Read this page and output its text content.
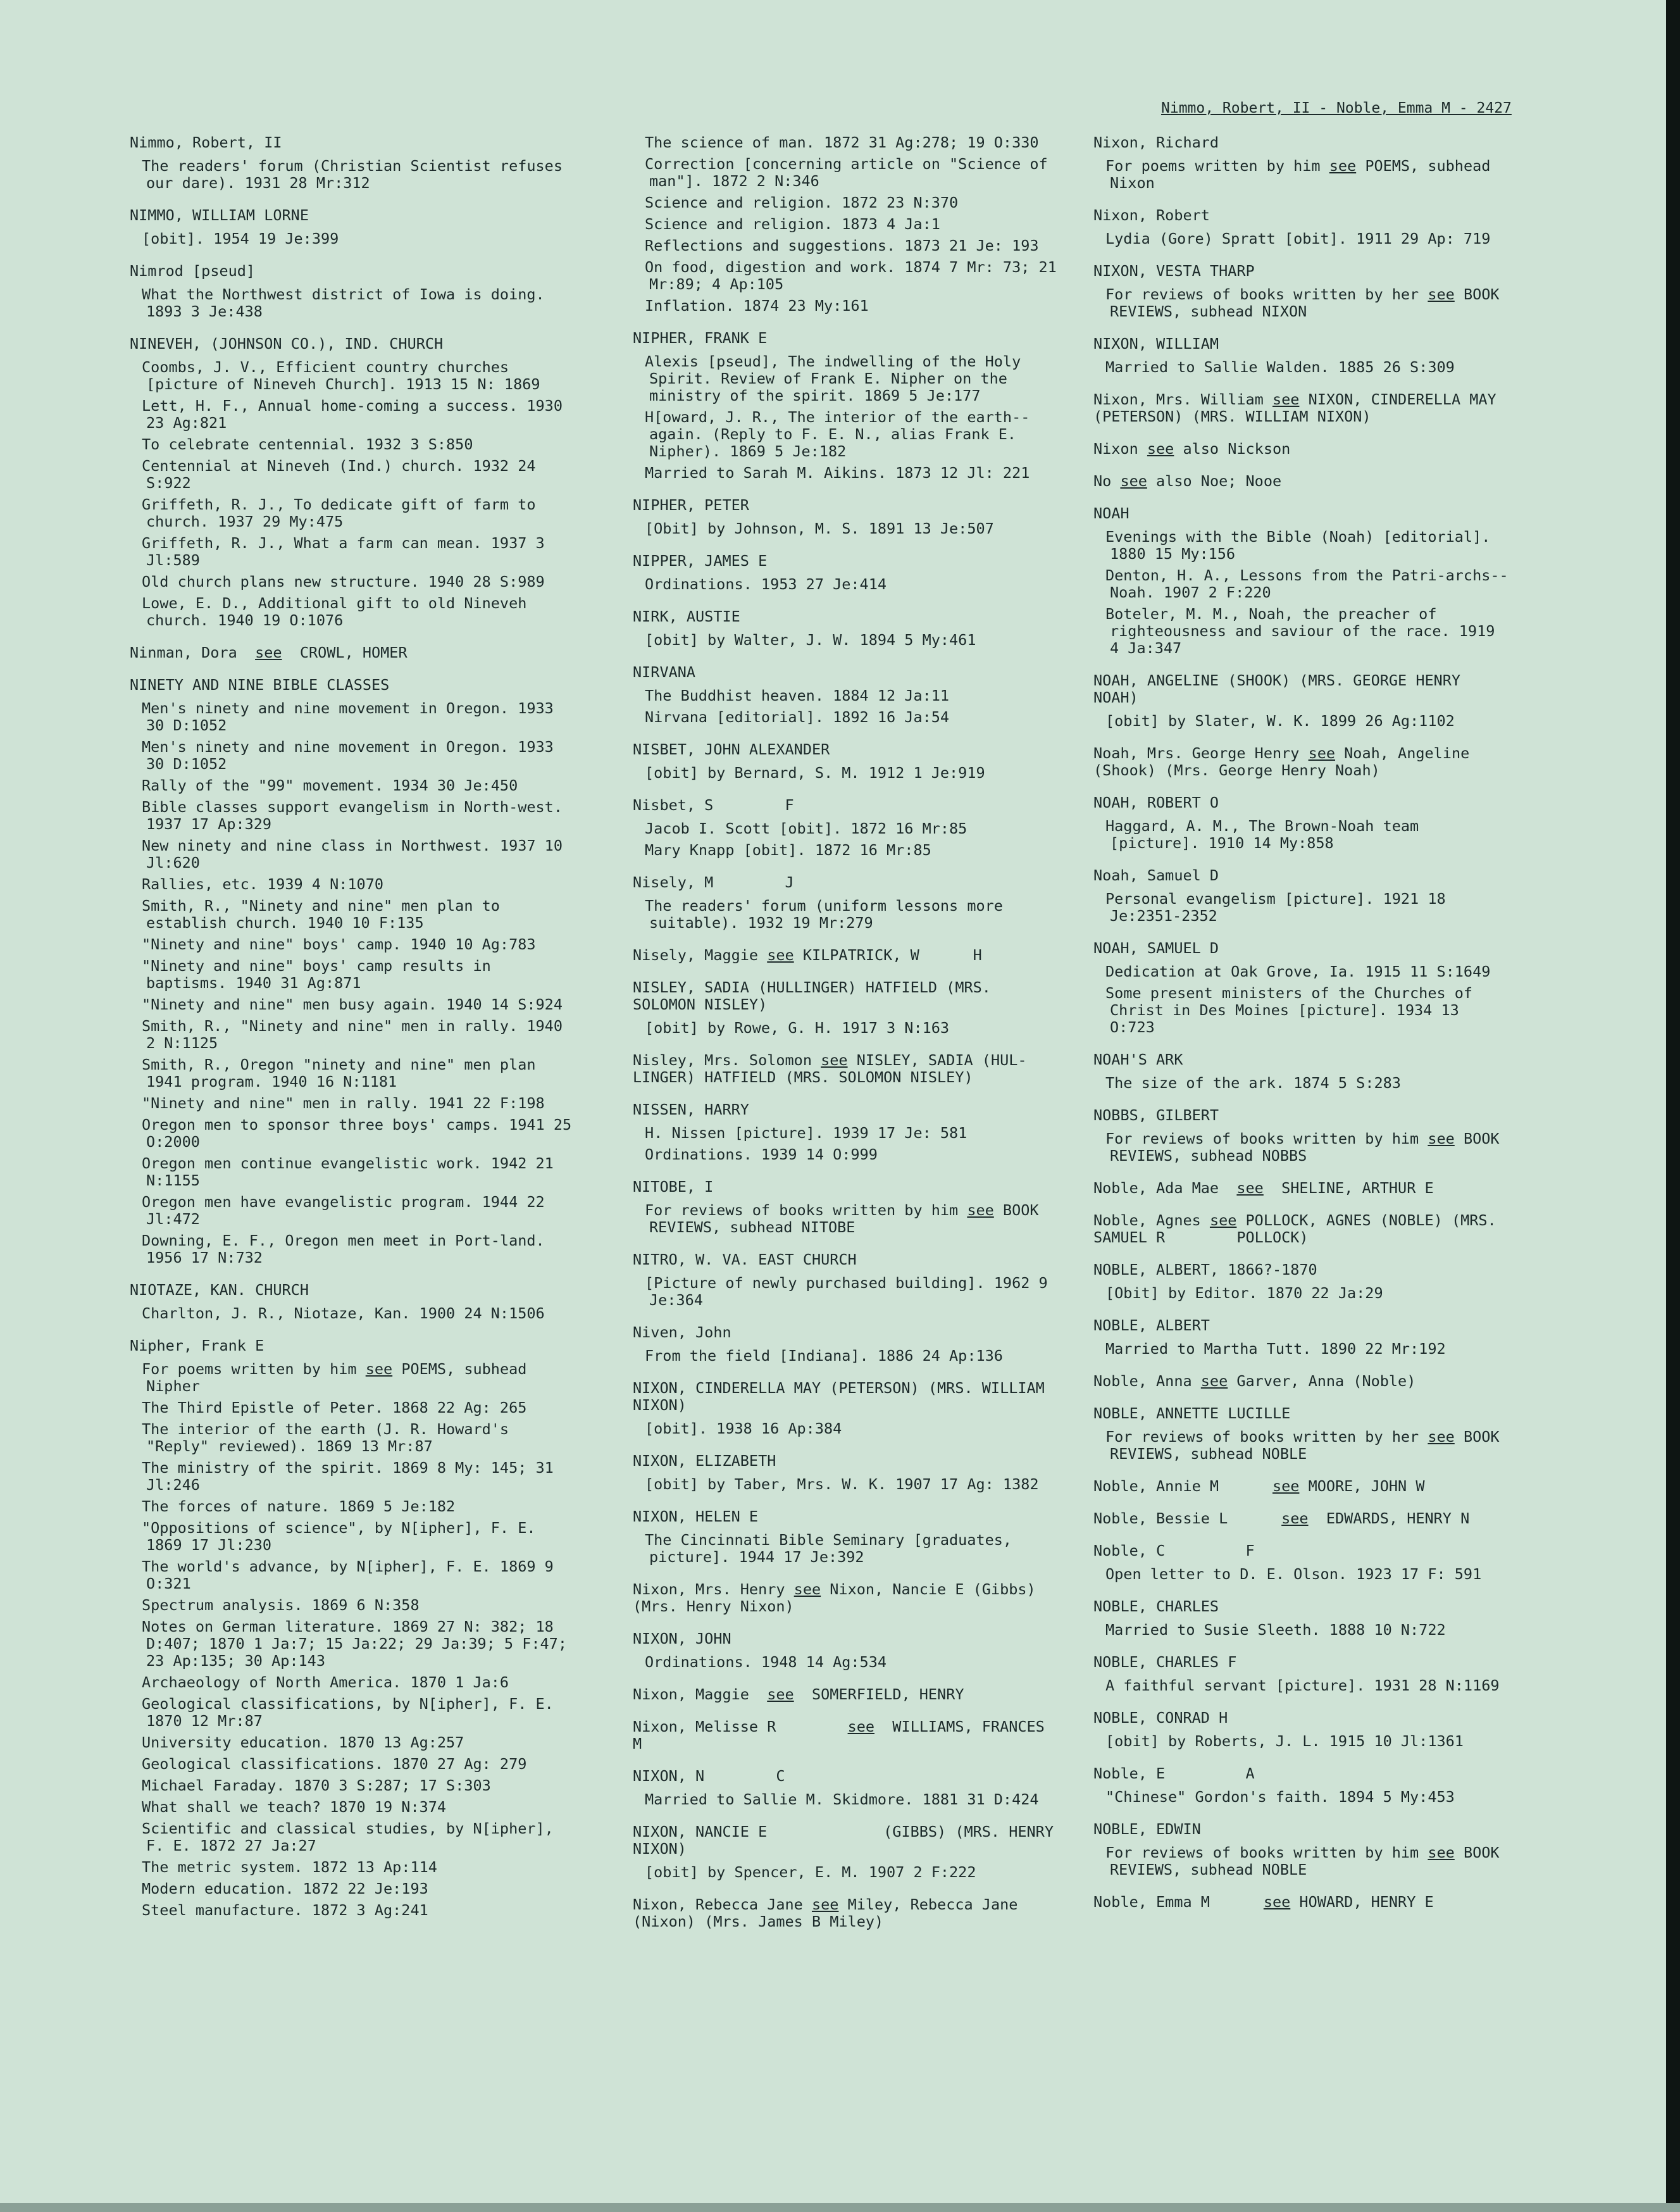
Nimmo, Robert, II - Noble, Emma M - 2427
Nimmo, Robert, II
The readers' forum (Christian Scientist refuses our dare). 1931 28 Mr:312
NIMMO, WILLIAM LORNE
[obit]. 1954 19 Je:399
Nimrod [pseud]
What the Northwest district of Iowa is doing. 1893 3 Je:438
NINEVEH, (JOHNSON CO.), IND. CHURCH
Coombs, J. V., Efficient country churches [picture of Nineveh Church]. 1913 15 N: 1869
Lett, H. F., Annual home-coming a success. 1930 23 Ag:821
To celebrate centennial. 1932 3 S:850
Centennial at Nineveh (Ind.) church. 1932 24 S:922
Griffeth, R. J., To dedicate gift of farm to church. 1937 29 My:475
Griffeth, R. J., What a farm can mean. 1937 3 Jl:589
Old church plans new structure. 1940 28 S:989
Lowe, E. D., Additional gift to old Nineveh church. 1940 19 O:1076
Ninman, Dora  see  CROWL, HOMER
NINETY AND NINE BIBLE CLASSES
Men's ninety and nine movement in Oregon. 1933 30 D:1052
Men's ninety and nine movement in Oregon. 1933 30 D:1052
Rally of the "99" movement. 1934 30 Je:450
Bible classes support evangelism in North-west. 1937 17 Ap:329
New ninety and nine class in Northwest. 1937 10 Jl:620
Rallies, etc. 1939 4 N:1070
Smith, R., "Ninety and nine" men plan to establish church. 1940 10 F:135
"Ninety and nine" boys' camp. 1940 10 Ag:783
"Ninety and nine" boys' camp results in baptisms. 1940 31 Ag:871
"Ninety and nine" men busy again. 1940 14 S:924
Smith, R., "Ninety and nine" men in rally. 1940 2 N:1125
Smith, R., Oregon "ninety and nine" men plan 1941 program. 1940 16 N:1181
"Ninety and nine" men in rally. 1941 22 F:198
Oregon men to sponsor three boys' camps. 1941 25 O:2000
Oregon men continue evangelistic work. 1942 21 N:1155
Oregon men have evangelistic program. 1944 22 Jl:472
Downing, E. F., Oregon men meet in Port-land. 1956 17 N:732
NIOTAZE, KAN. CHURCH
Charlton, J. R., Niotaze, Kan. 1900 24 N:1506
Nipher, Frank E
For poems written by him see POEMS, subhead Nipher
The Third Epistle of Peter. 1868 22 Ag: 265
The interior of the earth (J. R. Howard's "Reply" reviewed). 1869 13 Mr:87
The ministry of the spirit. 1869 8 My: 145; 31 Jl:246
The forces of nature. 1869 5 Je:182
"Oppositions of science", by N[ipher], F. E. 1869 17 Jl:230
The world's advance, by N[ipher], F. E. 1869 9 O:321
Spectrum analysis. 1869 6 N:358
Notes on German literature. 1869 27 N: 382; 18 D:407; 1870 1 Ja:7; 15 Ja:22; 29 Ja:39; 5 F:47; 23 Ap:135; 30 Ap:143
Archaeology of North America. 1870 1 Ja:6
Geological classifications, by N[ipher], F. E. 1870 12 Mr:87
University education. 1870 13 Ag:257
Geological classifications. 1870 27 Ag: 279
Michael Faraday. 1870 3 S:287; 17 S:303
What shall we teach? 1870 19 N:374
Scientific and classical studies, by N[ipher], F. E. 1872 27 Ja:27
The metric system. 1872 13 Ap:114
Modern education. 1872 22 Je:193
Steel manufacture. 1872 3 Ag:241
The science of man. 1872 31 Ag:278; 19 O:330
Correction [concerning article on "Science of man"]. 1872 2 N:346
Science and religion. 1872 23 N:370
Science and religion. 1873 4 Ja:1
Reflections and suggestions. 1873 21 Je: 193
On food, digestion and work. 1874 7 Mr: 73; 21 Mr:89; 4 Ap:105
Inflation. 1874 23 My:161
NIPHER, FRANK E
Alexis [pseud], The indwelling of the Holy Spirit. Review of Frank E. Nipher on the ministry of the spirit. 1869 5 Je:177
H[oward, J. R., The interior of the earth--again. (Reply to F. E. N., alias Frank E. Nipher). 1869 5 Je:182
Married to Sarah M. Aikins. 1873 12 Jl: 221
NIPHER, PETER
[Obit] by Johnson, M. S. 1891 13 Je:507
NIPPER, JAMES E
Ordinations. 1953 27 Je:414
NIRK, AUSTIE
[obit] by Walter, J. W. 1894 5 My:461
NIRVANA
The Buddhist heaven. 1884 12 Ja:11
Nirvana [editorial]. 1892 16 Ja:54
NISBET, JOHN ALEXANDER
[obit] by Bernard, S. M. 1912 1 Je:919
Nisbet, S        F
Jacob I. Scott [obit]. 1872 16 Mr:85
Mary Knapp [obit]. 1872 16 Mr:85
Nisely, M        J
The readers' forum (uniform lessons more suitable). 1932 19 Mr:279
Nisely, Maggie see KILPATRICK, W      H
NISLEY, SADIA (HULLINGER) HATFIELD (MRS. SOLOMON NISLEY)
[obit] by Rowe, G. H. 1917 3 N:163
Nisley, Mrs. Solomon see NISLEY, SADIA (HUL-LINGER) HATFIELD (MRS. SOLOMON NISLEY)
NISSEN, HARRY
H. Nissen [picture]. 1939 17 Je: 581
Ordinations. 1939 14 O:999
NITOBE, I
For reviews of books written by him see BOOK REVIEWS, subhead NITOBE
NITRO, W. VA. EAST CHURCH
[Picture of newly purchased building]. 1962 9 Je:364
Niven, John
From the field [Indiana]. 1886 24 Ap:136
NIXON, CINDERELLA MAY (PETERSON) (MRS. WILLIAM NIXON)
[obit]. 1938 16 Ap:384
NIXON, ELIZABETH
[obit] by Taber, Mrs. W. K. 1907 17 Ag: 1382
NIXON, HELEN E
The Cincinnati Bible Seminary [graduates, picture]. 1944 17 Je:392
Nixon, Mrs. Henry see Nixon, Nancie E (Gibbs) (Mrs. Henry Nixon)
NIXON, JOHN
Ordinations. 1948 14 Ag:534
Nixon, Maggie  see  SOMERFIELD, HENRY
Nixon, Melisse R        see  WILLIAMS, FRANCES M
NIXON, N        C
Married to Sallie M. Skidmore. 1881 31 D:424
NIXON, NANCIE E             (GIBBS) (MRS. HENRY NIXON)
[obit] by Spencer, E. M. 1907 2 F:222
Nixon, Rebecca Jane see Miley, Rebecca Jane (Nixon) (Mrs. James B Miley)
Nixon, Richard
For poems written by him see POEMS, subhead Nixon
Nixon, Robert
Lydia (Gore) Spratt [obit]. 1911 29 Ap: 719
NIXON, VESTA THARP
For reviews of books written by her see BOOK REVIEWS, subhead NIXON
NIXON, WILLIAM
Married to Sallie Walden. 1885 26 S:309
Nixon, Mrs. William see NIXON, CINDERELLA MAY (PETERSON) (MRS. WILLIAM NIXON)
Nixon see also Nickson
No see also Noe; Nooe
NOAH
Evenings with the Bible (Noah) [editorial]. 1880 15 My:156
Denton, H. A., Lessons from the Patri-archs--Noah. 1907 2 F:220
Boteler, M. M., Noah, the preacher of righteousness and saviour of the race. 1919 4 Ja:347
NOAH, ANGELINE (SHOOK) (MRS. GEORGE HENRY NOAH)
[obit] by Slater, W. K. 1899 26 Ag:1102
Noah, Mrs. George Henry see Noah, Angeline (Shook) (Mrs. George Henry Noah)
NOAH, ROBERT O
Haggard, A. M., The Brown-Noah team [picture]. 1910 14 My:858
Noah, Samuel D
Personal evangelism [picture]. 1921 18 Je:2351-2352
NOAH, SAMUEL D
Dedication at Oak Grove, Ia. 1915 11 S:1649
Some present ministers of the Churches of Christ in Des Moines [picture]. 1934 13 O:723
NOAH'S ARK
The size of the ark. 1874 5 S:283
NOBBS, GILBERT
For reviews of books written by him see BOOK REVIEWS, subhead NOBBS
Noble, Ada Mae  see  SHELINE, ARTHUR E
Noble, Agnes see POLLOCK, AGNES (NOBLE) (MRS. SAMUEL R        POLLOCK)
NOBLE, ALBERT, 1866?-1870
[Obit] by Editor. 1870 22 Ja:29
NOBLE, ALBERT
Married to Martha Tutt. 1890 22 Mr:192
Noble, Anna see Garver, Anna (Noble)
NOBLE, ANNETTE LUCILLE
For reviews of books written by her see BOOK REVIEWS, subhead NOBLE
Noble, Annie M      see MOORE, JOHN W
Noble, Bessie L      see  EDWARDS, HENRY N
Noble, C         F
Open letter to D. E. Olson. 1923 17 F: 591
NOBLE, CHARLES
Married to Susie Sleeth. 1888 10 N:722
NOBLE, CHARLES F
A faithful servant [picture]. 1931 28 N:1169
NOBLE, CONRAD H
[obit] by Roberts, J. L. 1915 10 Jl:1361
Noble, E         A
"Chinese" Gordon's faith. 1894 5 My:453
NOBLE, EDWIN
For reviews of books written by him see BOOK REVIEWS, subhead NOBLE
Noble, Emma M      see HOWARD, HENRY E
